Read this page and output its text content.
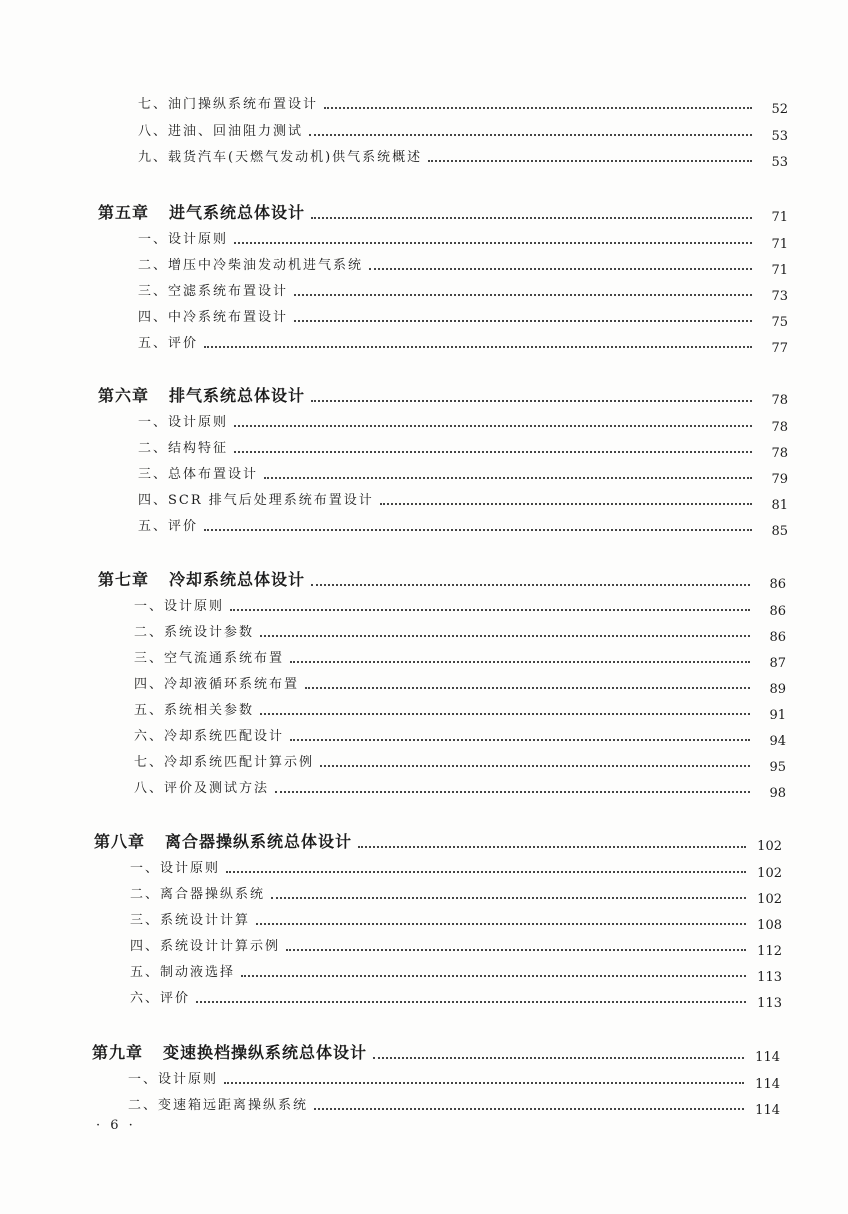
七、油门操纵系统布置设计	52
八、进油、回油阻力测试	53
九、载货汽车(天燃气发动机)供气系统概述	53
第五章 进气系统总体设计	71
一、设计原则	71
二、增压中冷柴油发动机进气系统	71
三、空滤系统布置设计	73
四、中冷系统布置设计	75
五、评价	77
第六章 排气系统总体设计	78
一、设计原则	78
二、结构特征	78
三、总体布置设计	79
四、SCR 排气后处理系统布置设计	81
五、评价	85
第七章 冷却系统总体设计	86
一、设计原则	86
二、系统设计参数	86
三、空气流通系统布置	87
四、冷却液循环系统布置	89
五、系统相关参数	91
六、冷却系统匹配设计	94
七、冷却系统匹配计算示例	95
八、评价及测试方法	98
第八章 离合器操纵系统总体设计	102
一、设计原则	102
二、离合器操纵系统	102
三、系统设计计算	108
四、系统设计计算示例	112
五、制动液选择	113
六、评价	113
第九章 变速换档操纵系统总体设计	114
一、设计原则	114
二、变速箱远距离操纵系统	114
· 6 ·
